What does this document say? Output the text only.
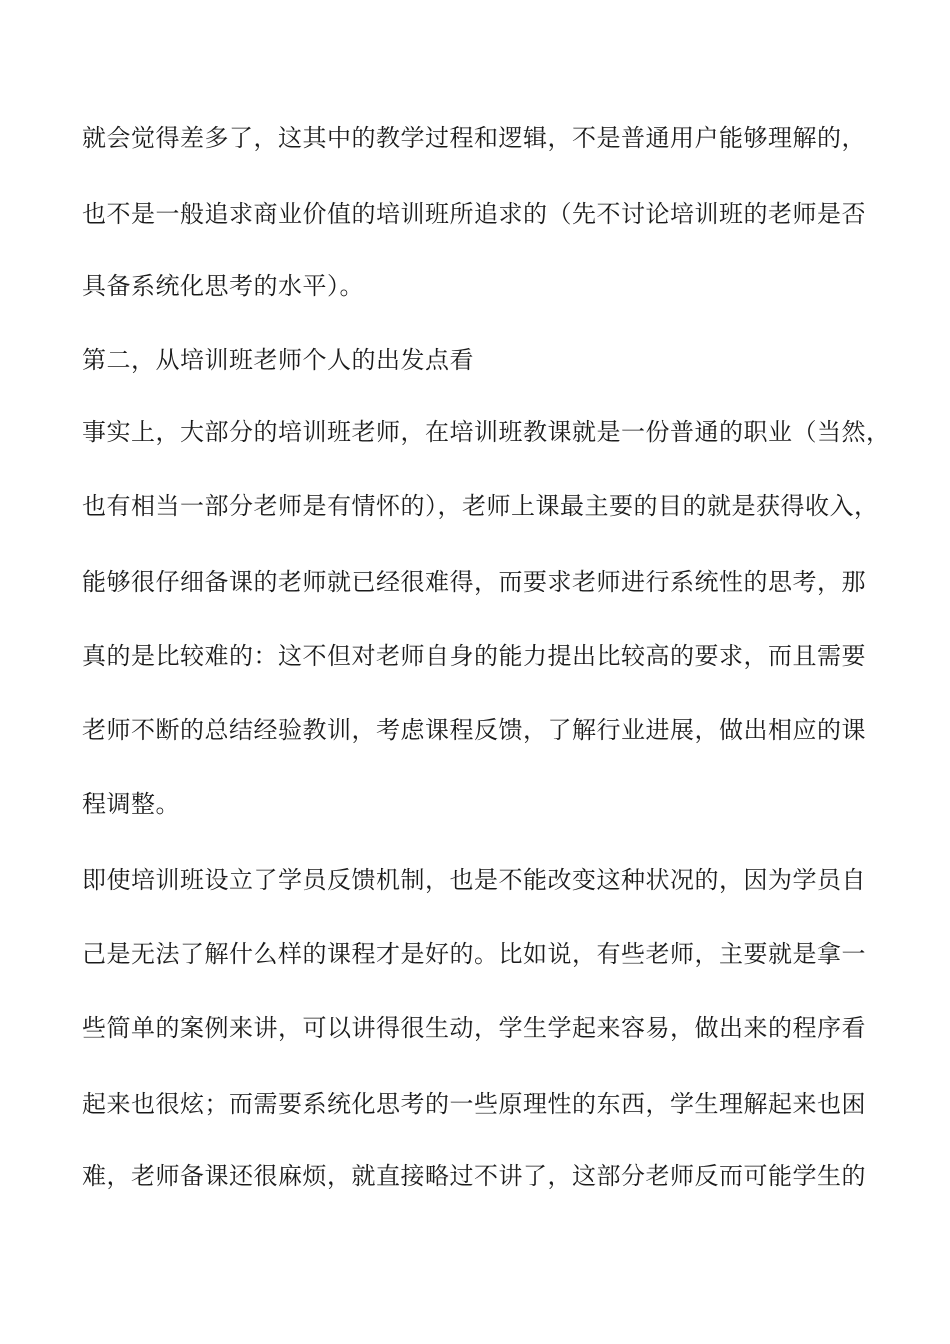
就会觉得差多了，这其中的教学过程和逻辑，不是普通用户能够理解的，
也不是一般追求商业价值的培训班所追求的（先不讨论培训班的老师是否
具备系统化思考的水平）。
第二，从培训班老师个人的出发点看
事实上，大部分的培训班老师，在培训班教课就是一份普通的职业（当然，
也有相当一部分老师是有情怀的），老师上课最主要的目的就是获得收入，
能够很仔细备课的老师就已经很难得，而要求老师进行系统性的思考，那
真的是比较难的：这不但对老师自身的能力提出比较高的要求，而且需要
老师不断的总结经验教训，考虑课程反馈，了解行业进展，做出相应的课
程调整。
即使培训班设立了学员反馈机制，也是不能改变这种状况的，因为学员自
己是无法了解什么样的课程才是好的。比如说，有些老师，主要就是拿一
些简单的案例来讲，可以讲得很生动，学生学起来容易，做出来的程序看
起来也很炫；而需要系统化思考的一些原理性的东西，学生理解起来也困
难，老师备课还很麻烦，就直接略过不讲了，这部分老师反而可能学生的
